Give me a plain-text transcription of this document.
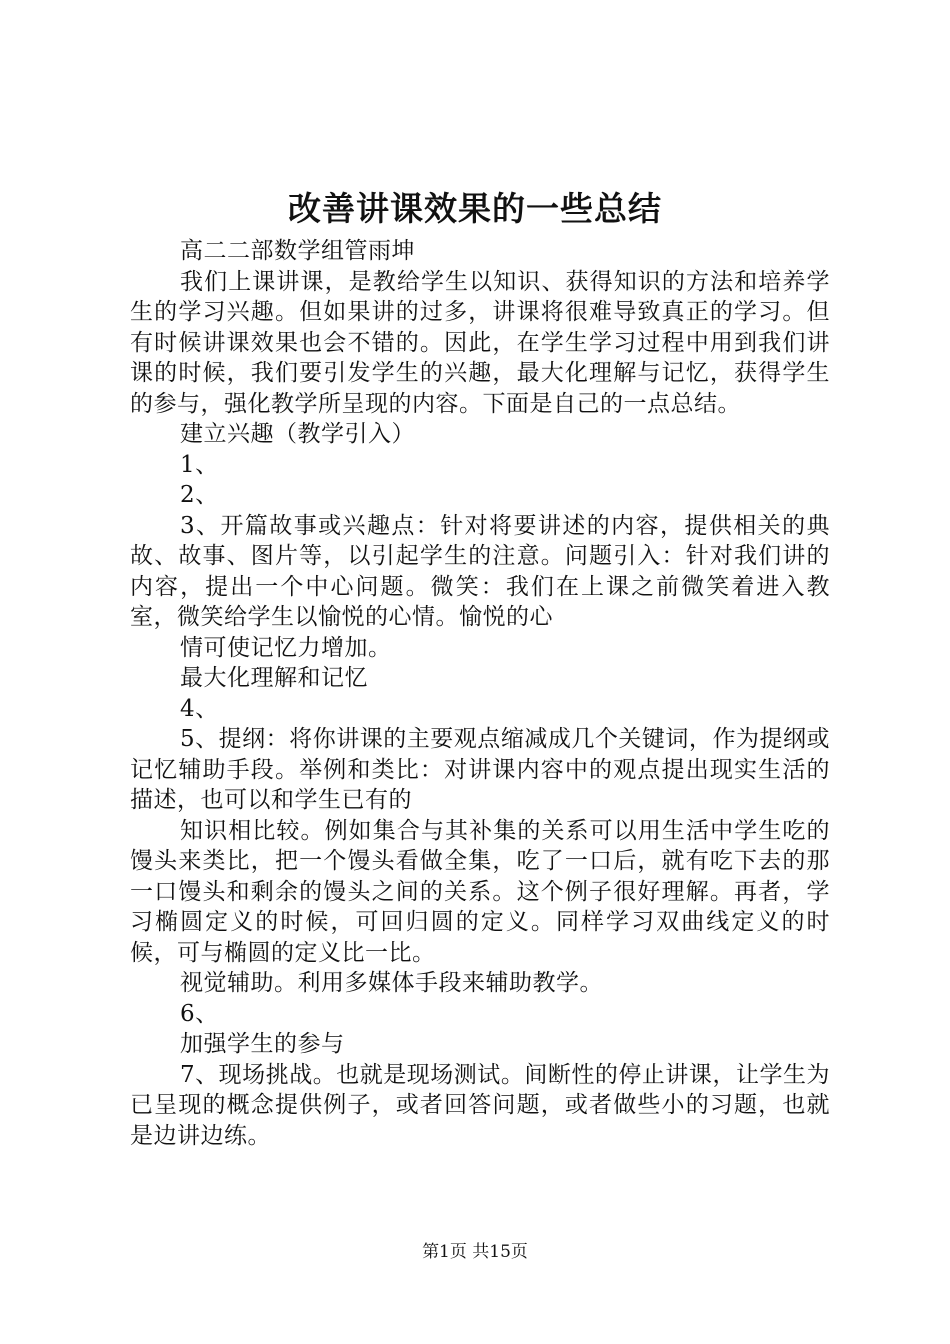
改善讲课效果的一些总结

高二二部数学组管雨坤

我们上课讲课，是教给学生以知识、获得知识的方法和培养学生的学习兴趣。但如果讲的过多，讲课将很难导致真正的学习。但有时候讲课效果也会不错的。因此，在学生学习过程中用到我们讲课的时候，我们要引发学生的兴趣，最大化理解与记忆，获得学生的参与，强化教学所呈现的内容。下面是自己的一点总结。

建立兴趣（教学引入）

1、

2、

3、开篇故事或兴趣点：针对将要讲述的内容，提供相关的典故、故事、图片等，以引起学生的注意。问题引入：针对我们讲的内容，提出一个中心问题。微笑：我们在上课之前微笑着进入教室，微笑给学生以愉悦的心情。愉悦的心

情可使记忆力增加。

最大化理解和记忆

4、

5、提纲：将你讲课的主要观点缩减成几个关键词，作为提纲或记忆辅助手段。举例和类比：对讲课内容中的观点提出现实生活的描述，也可以和学生已有的

知识相比较。例如集合与其补集的关系可以用生活中学生吃的馒头来类比，把一个馒头看做全集，吃了一口后，就有吃下去的那一口馒头和剩余的馒头之间的关系。这个例子很好理解。再者，学习椭圆定义的时候，可回归圆的定义。同样学习双曲线定义的时候，可与椭圆的定义比一比。

视觉辅助。利用多媒体手段来辅助教学。

6、

加强学生的参与

7、现场挑战。也就是现场测试。间断性的停止讲课，让学生为已呈现的概念提供例子，或者回答问题，或者做些小的习题，也就是边讲边练。

第1页 共15页
